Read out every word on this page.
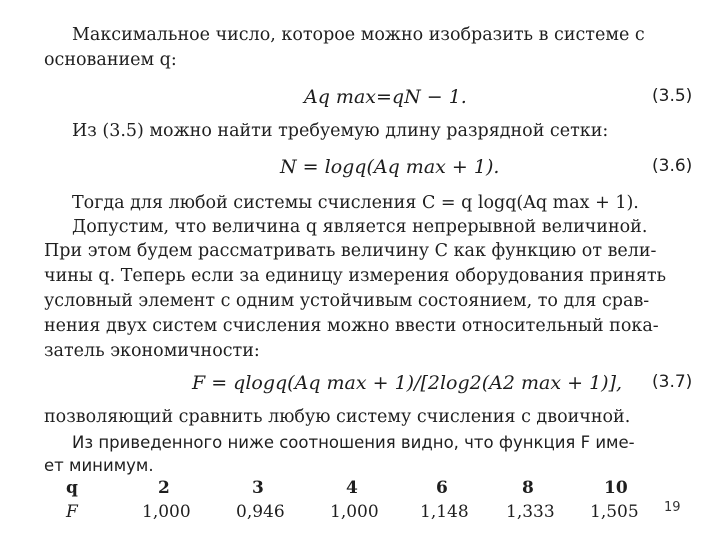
Максимальное число, которое можно изобразить в системе с
основанием q:
Aq max=qN − 1.	(3.5)
Из (3.5) можно найти требуемую длину разрядной сетки:
N = logq(Aq max + 1).	(3.6)
Тогда для любой системы счисления C = q logq(Aq max + 1).
Допустим, что величина q является непрерывной величиной.
При этом будем рассматривать величину C как функцию от вели-
чины q. Теперь если за единицу измерения оборудования принять
условный элемент с одним устойчивым состоянием, то для срав-
нения двух систем счисления можно ввести относительный пока-
затель экономичности:
F = qlogq(Aq max + 1)/[2log2(A2 max + 1)], (3.7)
позволяющий сравнить любую систему счисления с двоичной.
Из приведенного ниже соотношения видно, что функция F име-
ет минимум.
q	2	3	4	6	8	10
F	1,000	0,946	1,000 1,148 1,333 1,505 19
